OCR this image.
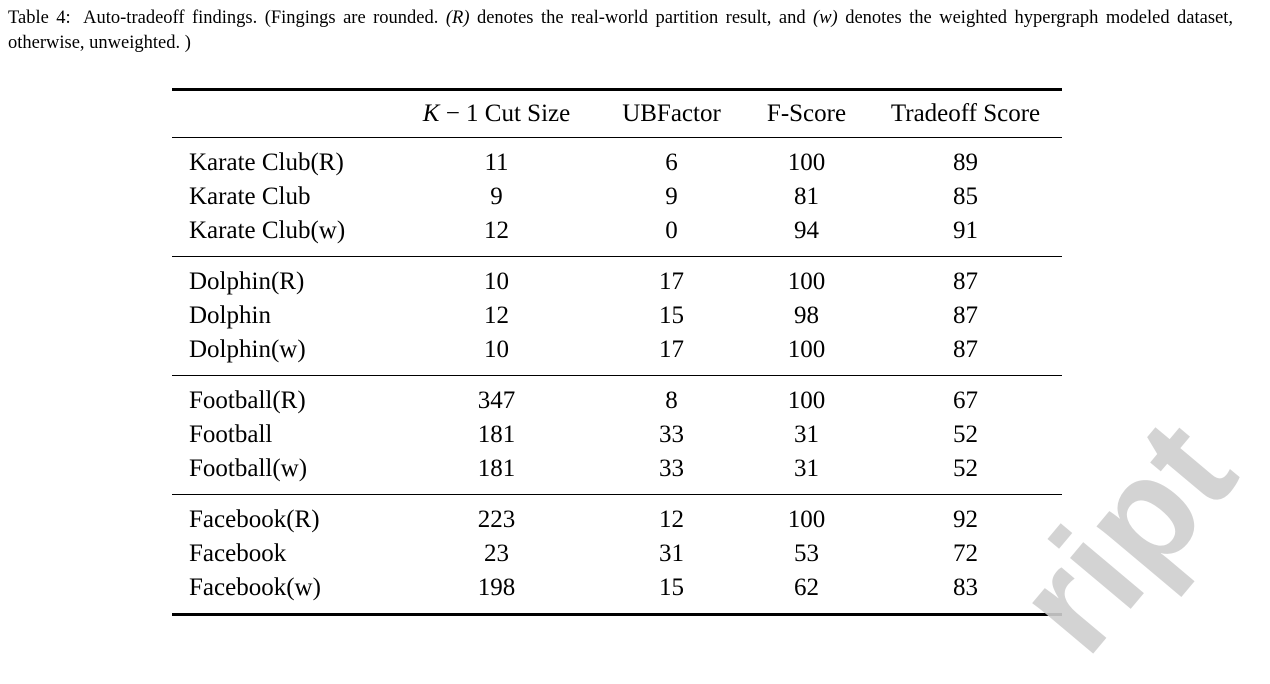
Table 4: Auto-tradeoff findings. (Fingings are rounded. (R) denotes the real-world partition result, and (w) denotes the weighted hypergraph modeled dataset, otherwise, unweighted. )
	K − 1 Cut Size	UBFactor	F-Score	Tradeoff Score
Karate Club(R)	11	6	100	89
Karate Club	9	9	81	85
Karate Club(w)	12	0	94	91
Dolphin(R)	10	17	100	87
Dolphin	12	15	98	87
Dolphin(w)	10	17	100	87
Football(R)	347	8	100	67
Football	181	33	31	52
Football(w)	181	33	31	52
Facebook(R)	223	12	100	92
Facebook	23	31	53	72
Facebook(w)	198	15	62	83 ript
